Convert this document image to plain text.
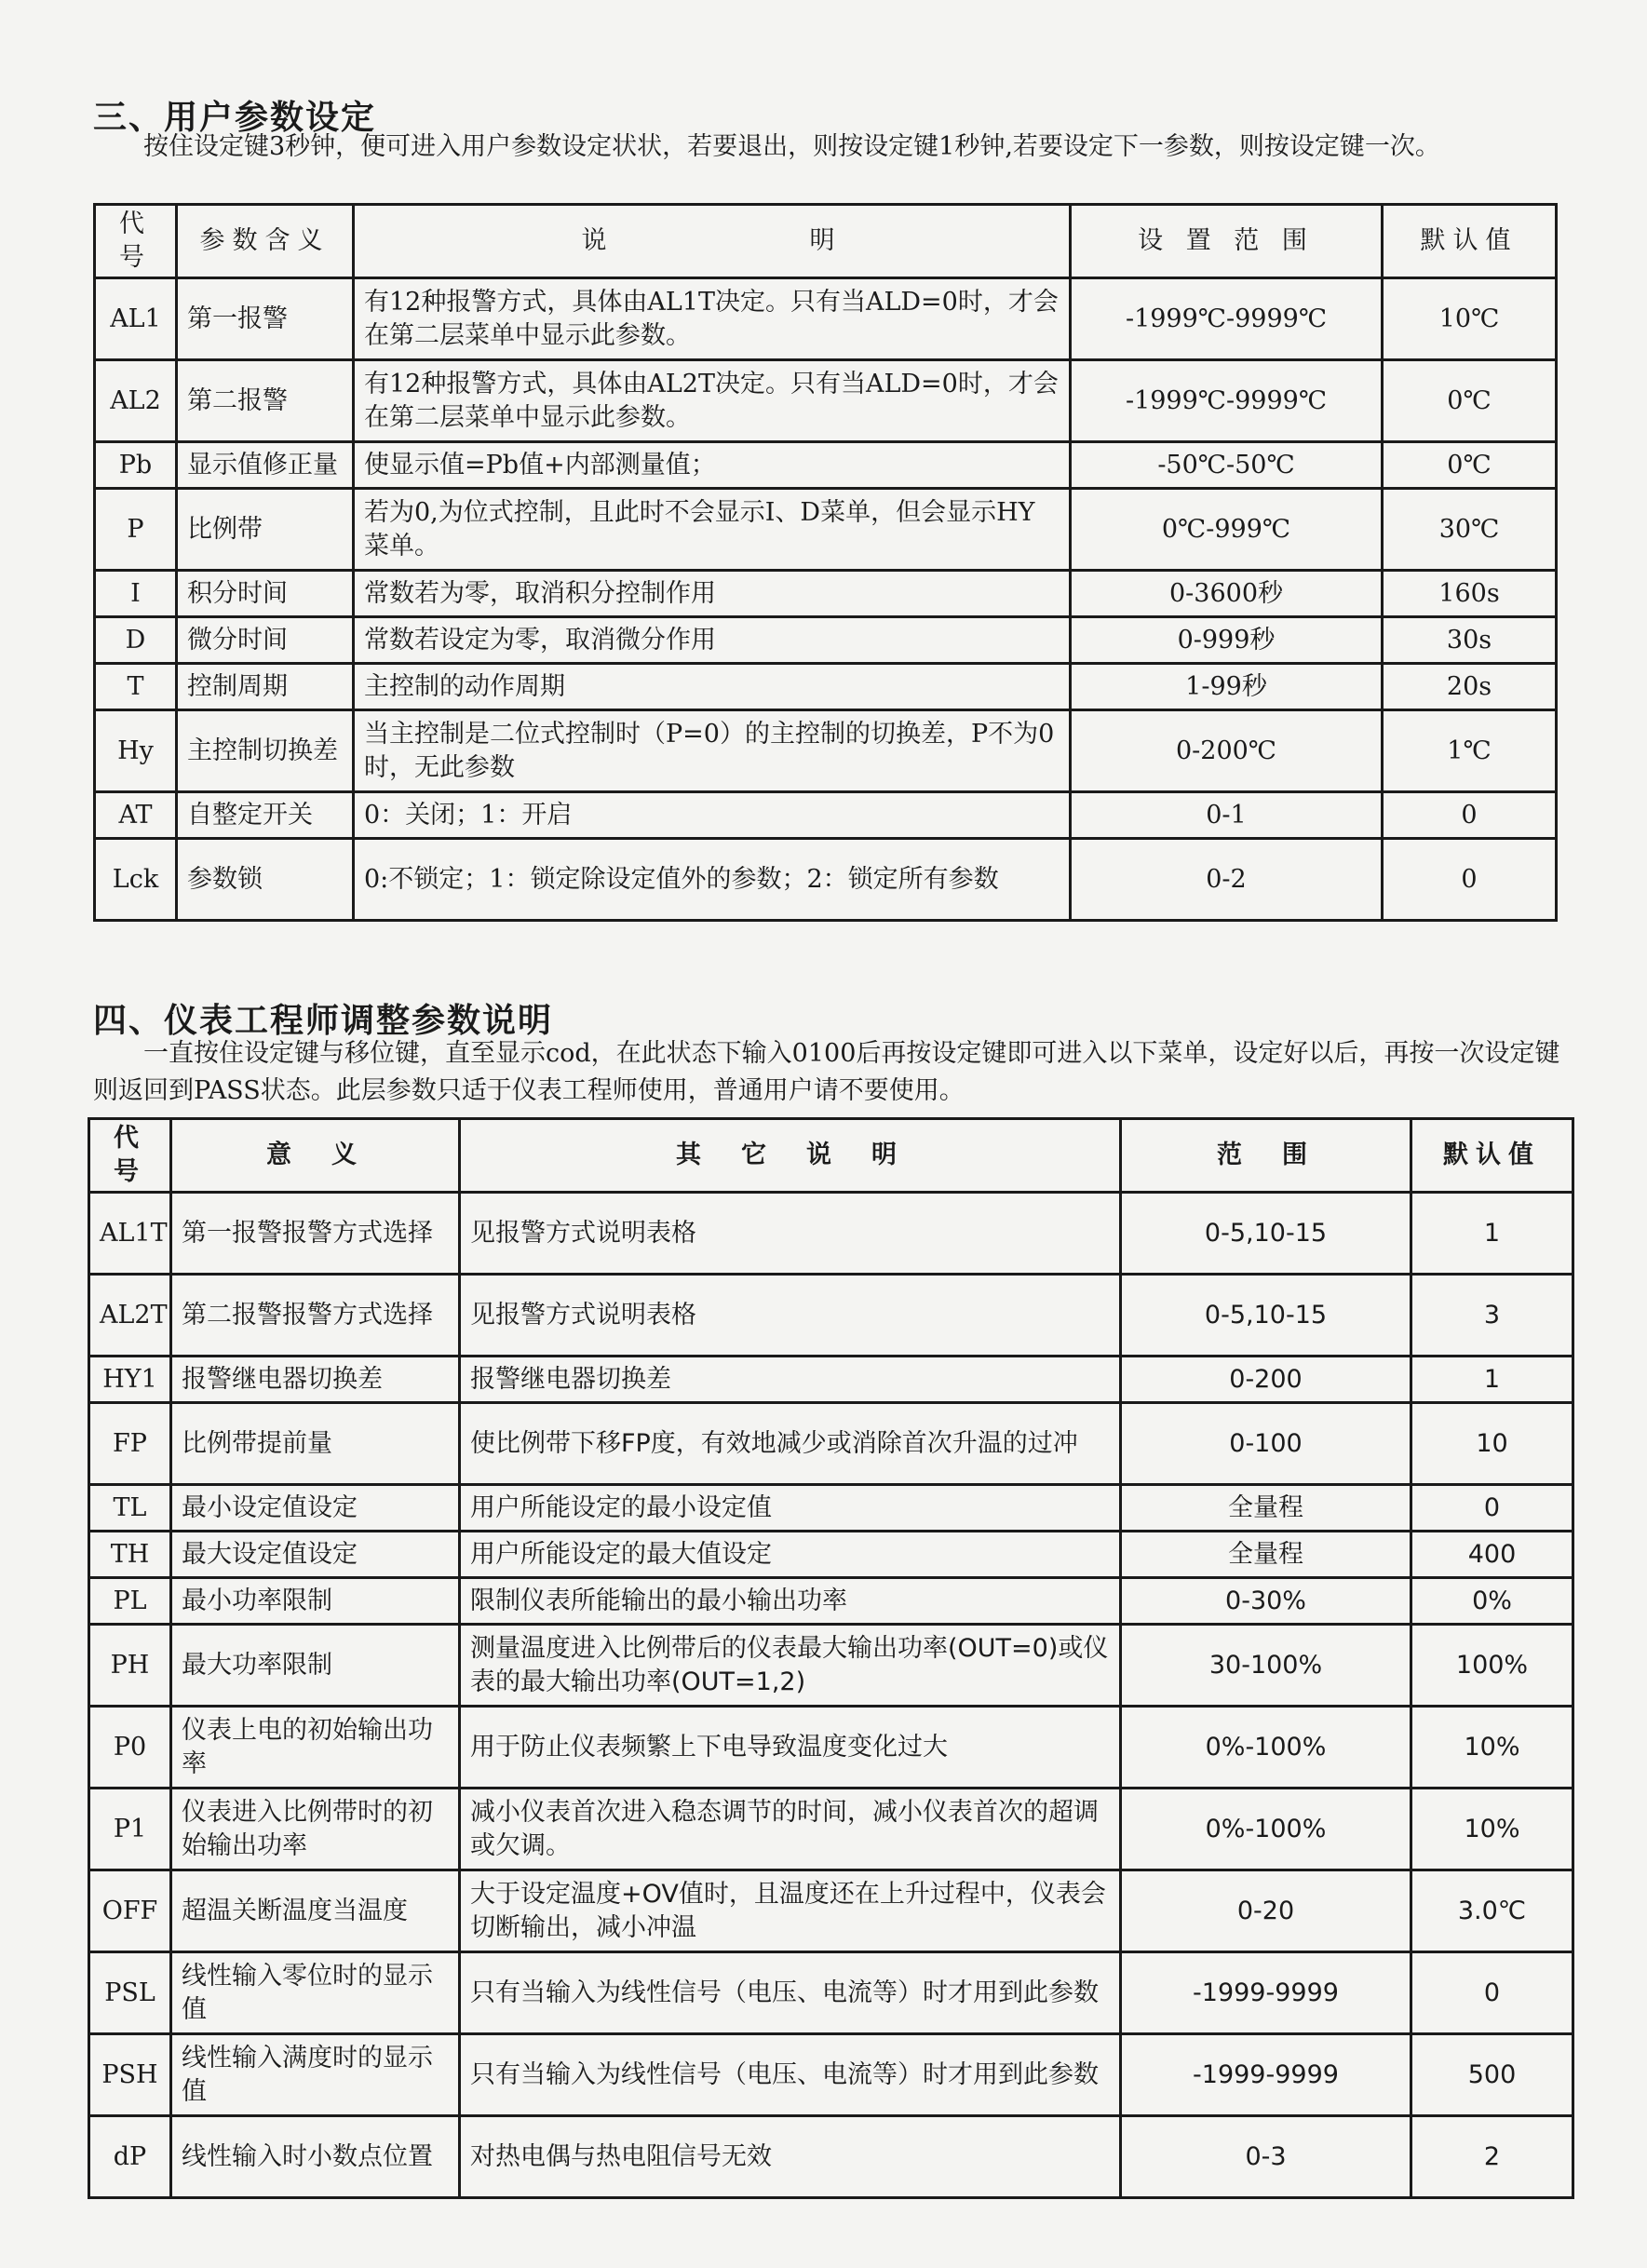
三、用户参数设定
　　按住设定键3秒钟，便可进入用户参数设定状状，若要退出，则按设定键1秒钟,若要设定下一参数，则按设定键一次。
代号	参数含义	说　　　　　　明	设 置 范 围	默认值
AL1	第一报警	有12种报警方式，具体由AL1T决定。只有当ALD=0时，才会在第二层菜单中显示此参数。	-1999℃-9999℃	10℃
AL2	第二报警	有12种报警方式，具体由AL2T决定。只有当ALD=0时，才会在第二层菜单中显示此参数。	-1999℃-9999℃	0℃
Pb	显示值修正量	使显示值=Pb值+内部测量值；	-50℃-50℃	0℃
P	比例带	若为0,为位式控制，且此时不会显示I、D菜单，但会显示HY菜单。	0℃-999℃	30℃
I	积分时间	常数若为零，取消积分控制作用	0-3600秒	160s
D	微分时间	常数若设定为零，取消微分作用	0-999秒	30s
T	控制周期	主控制的动作周期	1-99秒	20s
Hy	主控制切换差	当主控制是二位式控制时（P=0）的主控制的切换差，P不为0时，无此参数	0-200℃	1℃
AT	自整定开关	0：关闭；1：开启	0-1	0
Lck	参数锁	0:不锁定；1：锁定除设定值外的参数；2：锁定所有参数	0-2	0
四、仪表工程师调整参数说明
　　一直按住设定键与移位键，直至显示cod，在此状态下输入0100后再按设定键即可进入以下菜单，设定好以后，再按一次设定键则返回到PASS状态。此层参数只适于仪表工程师使用，普通用户请不要使用。
代号	意　义	其　它　说　明	范　围	默认值
AL1T	第一报警报警方式选择	见报警方式说明表格	0-5,10-15	1
AL2T	第二报警报警方式选择	见报警方式说明表格	0-5,10-15	3
HY1	报警继电器切换差	报警继电器切换差	0-200	1
FP	比例带提前量	使比例带下移FP度，有效地减少或消除首次升温的过冲	0-100	10
TL	最小设定值设定	用户所能设定的最小设定值	全量程	0
TH	最大设定值设定	用户所能设定的最大值设定	全量程	400
PL	最小功率限制	限制仪表所能输出的最小输出功率	0-30%	0%
PH	最大功率限制	测量温度进入比例带后的仪表最大输出功率(OUT=0)或仪表的最大输出功率(OUT=1,2)	30-100%	100%
P0	仪表上电的初始输出功率	用于防止仪表频繁上下电导致温度变化过大	0%-100%	10%
P1	仪表进入比例带时的初始输出功率	减小仪表首次进入稳态调节的时间，减小仪表首次的超调或欠调。	0%-100%	10%
OFF	超温关断温度当温度	大于设定温度+OV值时，且温度还在上升过程中，仪表会切断输出，减小冲温	0-20	3.0℃
PSL	线性输入零位时的显示值	只有当输入为线性信号（电压、电流等）时才用到此参数	-1999-9999	0
PSH	线性输入满度时的显示值	只有当输入为线性信号（电压、电流等）时才用到此参数	-1999-9999	500
dP	线性输入时小数点位置	对热电偶与热电阻信号无效	0-3	2
